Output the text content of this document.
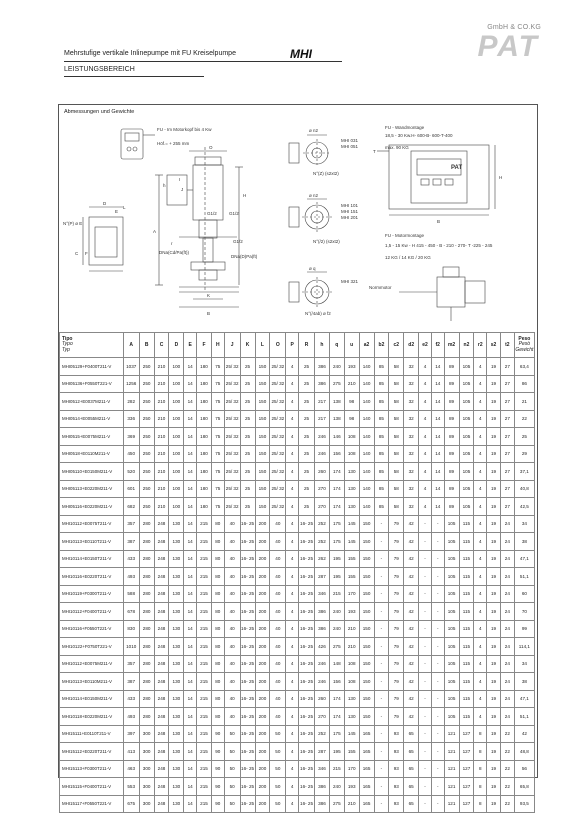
GmbH & CO.KG
PAT
Mehrstufige vertikale Inlinepumpe mit FU Kreiselpumpe	MHI
LEISTUNGSBEREICH
Abmessungen und Gewichte
FU - Im Motorkopf bis 4 Kw
Höf.= + 255 mm
FU - Wandmontage
18,5 - 30 Kw.H- 600-B- 600-T-400
max. 90 KG
FU - Motormontage
1,5 - 15 Kw - H 415 - 450 - B - 210 - 270- T -225 - 245
12 KG / 14 KG / 20 KG
Normmotor
MHI 031
MHI 051
MHI 101
MHI 151
MHI 201
MHI 321
N°(Z) (s2xt2)
N°(/2) (s2xt2)
N°(/4ab) ø f2
N°(P) ø E
DNa(Cd/Pa(ft))
DNa(D)Pa(ft)
PAT
ø n2
ø n2
ø q
G1/2	G1/2
G1/2
A
B
C
D
E
F
H
I
J
K
L
O
T
h
r
H
B
Tipo
Typo
Typ	A	B	C	D	E	F	H	J	K	L	O	P	R	h	q	u	a2	b2	c2	d2	e2	f2	m2	n2	r2	s2	t2	Peso
Pesò
Gewicht

MHI05129+F0400T211-V	1037	250	210	100	14	180	75	25/ 32	25	150	25/ 32	4	25	386	240	193	140	85	58	32	4	14	89	105	4	19	27	63,4
MHI05136+F0550T221-V	1256	250	210	100	14	180	75	25/ 32	25	150	25/ 32	4	25	386	275	210	140	85	58	32	4	14	89	105	4	19	27	86
MHI0512+E0037M211-V	282	250	210	100	14	180	75	25/ 32	25	150	25/ 32	4	25	217	138	98	140	85	58	32	4	14	89	105	4	19	27	21
MHI0514+E0055M211-V	336	250	210	100	14	180	75	25/ 32	25	150	25/ 32	4	25	217	138	98	140	85	58	32	4	14	89	105	4	19	27	22
MHI0515+E0075M211-V	369	250	210	100	14	180	75	25/ 32	25	150	25/ 32	4	25	246	146	108	140	85	58	32	4	14	89	105	4	19	27	25
MHI0518+E0110M211-V	450	250	210	100	14	180	75	25/ 32	25	150	25/ 32	4	25	246	156	108	140	85	58	32	4	14	89	105	4	19	27	29
MHI05110+E0150M211-V	520	250	210	100	14	180	75	25/ 32	25	150	25/ 32	4	25	260	174	130	140	85	58	32	4	14	89	105	4	19	27	37,1
MHI05113+E0220M211-V	601	250	210	100	14	180	75	25/ 32	25	150	25/ 32	4	25	270	174	130	140	85	58	32	4	14	89	105	4	19	27	40,8
MHI05116+E0220M211-V	682	250	210	100	14	180	75	25/ 32	25	150	25/ 32	4	25	270	174	130	140	85	58	32	4	14	89	105	4	19	27	42,5
MHI10112+E0075T211-V	357	280	248	130	14	215	80	40	16- 25	200	40	4	16- 25	252	175	145	150	-	79	42	-	-	105	115	4	19	24	34
MHI10113+E0110T211-V	387	280	248	130	14	215	80	40	16- 25	200	40	4	16- 25	252	175	145	150	-	79	42	-	-	105	115	4	19	24	38
MHI10114+E0150T211-V	433	280	248	130	14	215	80	40	16- 25	200	40	4	16- 25	262	195	155	150	-	79	42	-	-	105	115	4	19	24	47,1
MHI10116+E0220T211-V	493	280	248	130	14	215	80	40	16- 25	200	40	4	16- 25	287	195	155	150	-	79	42	-	-	105	115	4	19	24	51,1
MHI10119+F0300T211-V	588	280	248	130	14	215	80	40	16- 25	200	40	4	16- 25	346	215	170	150	-	79	42	-	-	105	115	4	19	24	60
MHI10112+F0400T211-V	678	280	248	130	14	215	80	40	16- 25	200	40	4	16- 25	386	240	193	150	-	79	42	-	-	105	115	4	19	24	70
MHI10116+F0550T221-V	830	280	248	130	14	215	80	40	16- 25	200	40	4	16- 25	386	240	210	150	-	79	42	-	-	105	115	4	19	24	99
MHI10122+F0750T221-V	1010	280	248	130	14	215	80	40	16- 25	200	40	4	16- 25	426	275	210	150	-	79	42	-	-	105	115	4	19	24	114,1
MHI10112+E0075M211-V	357	280	248	130	14	215	80	40	16- 25	200	40	4	16- 25	246	148	108	150	-	79	42	-	-	105	115	4	19	24	34
MHI10113+E0110M211-V	387	280	248	130	14	215	80	40	16- 25	200	40	4	16- 25	246	156	108	150	-	79	42	-	-	105	115	4	19	24	38
MHI10114+E0150M211-V	433	280	248	130	14	215	80	40	16- 25	200	40	4	16- 25	260	174	130	150	-	79	42	-	-	105	115	4	19	24	47,1
MHI10118+E0220M211-V	493	280	248	130	14	215	80	40	16- 25	200	40	4	16- 25	270	174	130	150	-	79	42	-	-	105	115	4	19	24	51,1
MHI15111+E0110T211-V	397	300	248	130	14	215	90	50	16- 25	200	50	4	16- 25	252	175	145	165	-	93	65	-	-	121	127	8	19	22	42
MHI15112+E0220T211-V	413	300	248	130	14	215	90	50	16- 25	200	50	4	16- 25	287	195	155	165	-	93	65	-	-	121	127	8	19	22	48,8
MHI15113+F0300T211-V	463	300	248	130	14	215	90	50	16- 25	200	50	4	16- 25	346	215	170	165	-	93	65	-	-	121	127	8	19	22	56
MHI15115+F0400T211-V	553	300	248	130	14	215	90	50	16- 25	200	50	4	16- 25	386	240	193	165	-	93	65	-	-	121	127	8	19	22	65,8
MHI15117+F0550T221-V	675	300	248	130	14	215	90	50	16- 25	200	50	4	16- 25	386	275	210	165	-	93	65	-	-	121	127	8	19	22	93,5
